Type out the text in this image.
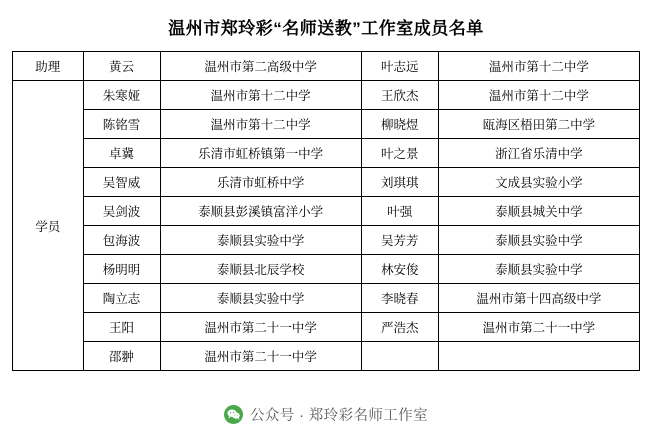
温州市郑玲彩“名师送教”工作室成员名单
助理	黄云	温州市第二高级中学	叶志远	温州市第十二中学
学员	朱寒娅	温州市第十二中学	王欣杰	温州市第十二中学
	陈铭雪	温州市第十二中学	柳晓煜	瓯海区梧田第二中学
	卓冀	乐清市虹桥镇第一中学	叶之景	浙江省乐清中学
	吴智威	乐清市虹桥中学	刘琪琪	文成县实验小学
	吴剑波	泰顺县彭溪镇富洋小学	叶强	泰顺县城关中学
	包海波	泰顺县实验中学	吴芳芳	泰顺县实验中学
	杨明明	泰顺县北辰学校	林安俊	泰顺县实验中学
	陶立志	泰顺县实验中学	李晓春	温州市第十四高级中学
	王阳	温州市第二十一中学	严浩杰	温州市第二十一中学
	邵翀	温州市第二十一中学		
公众号 · 郑玲彩名师工作室
